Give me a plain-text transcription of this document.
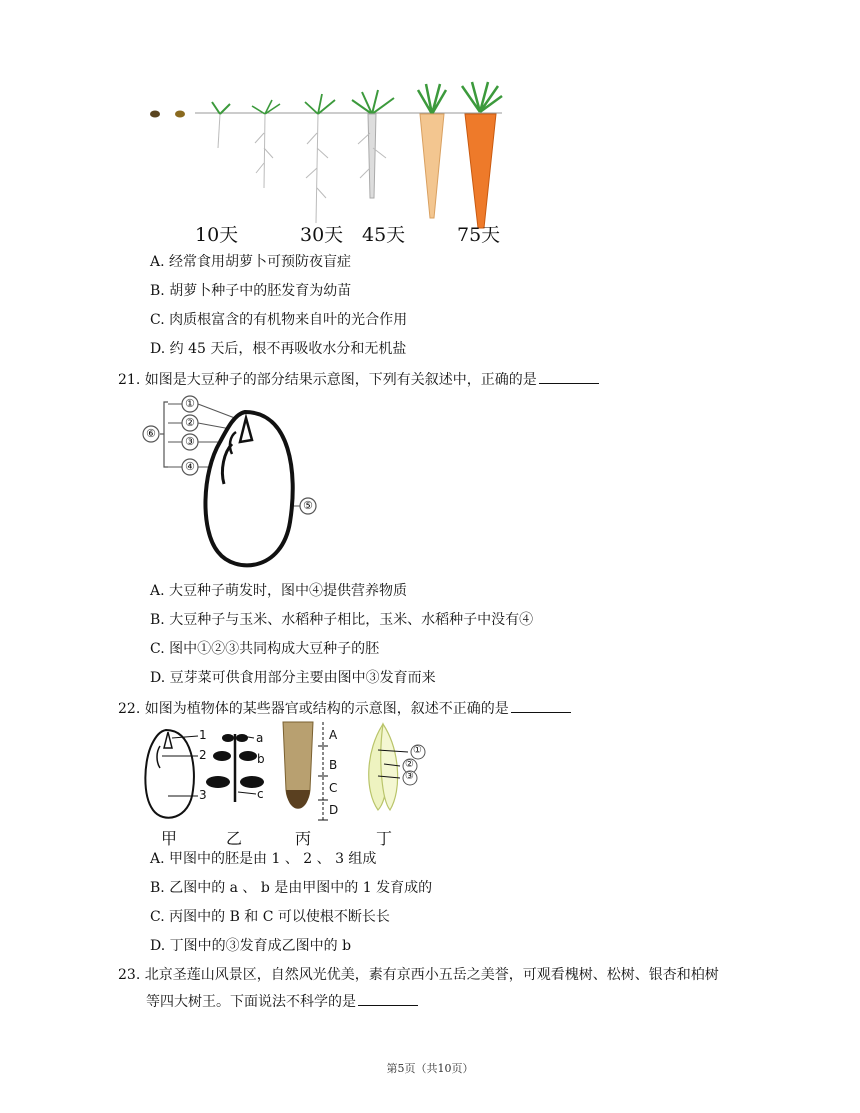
10天	30天 45天	75天
A. 经常食用胡萝卜可预防夜盲症
B. 胡萝卜种子中的胚发育为幼苗
C. 肉质根富含的有机物来自叶的光合作用
D. 约 45 天后，根不再吸收水分和无机盐
21. 如图是大豆种子的部分结果示意图，下列有关叙述中，正确的是
①
②
③
④
⑤
⑥
A. 大豆种子萌发时，图中④提供营养物质
B. 大豆种子与玉米、水稻种子相比，玉米、水稻种子中没有④
C. 图中①②③共同构成大豆种子的胚
D. 豆芽菜可供食用部分主要由图中③发育而来
22. 如图为植物体的某些器官或结构的示意图，叙述不正确的是
1
2
3
a
b
c
A
B
C
D
①
②
③
甲	乙	丙	丁
A. 甲图中的胚是由 1 、 2 、 3 组成
B. 乙图中的 a 、 b 是由甲图中的 1 发育成的
C. 丙图中的 B 和 C 可以使根不断长长
D. 丁图中的③发育成乙图中的 b
23. 北京圣莲山风景区，自然风光优美，素有京西小五岳之美誉，可观看槐树、松树、银杏和柏树
等四大树王。下面说法不科学的是
第5页（共10页）
